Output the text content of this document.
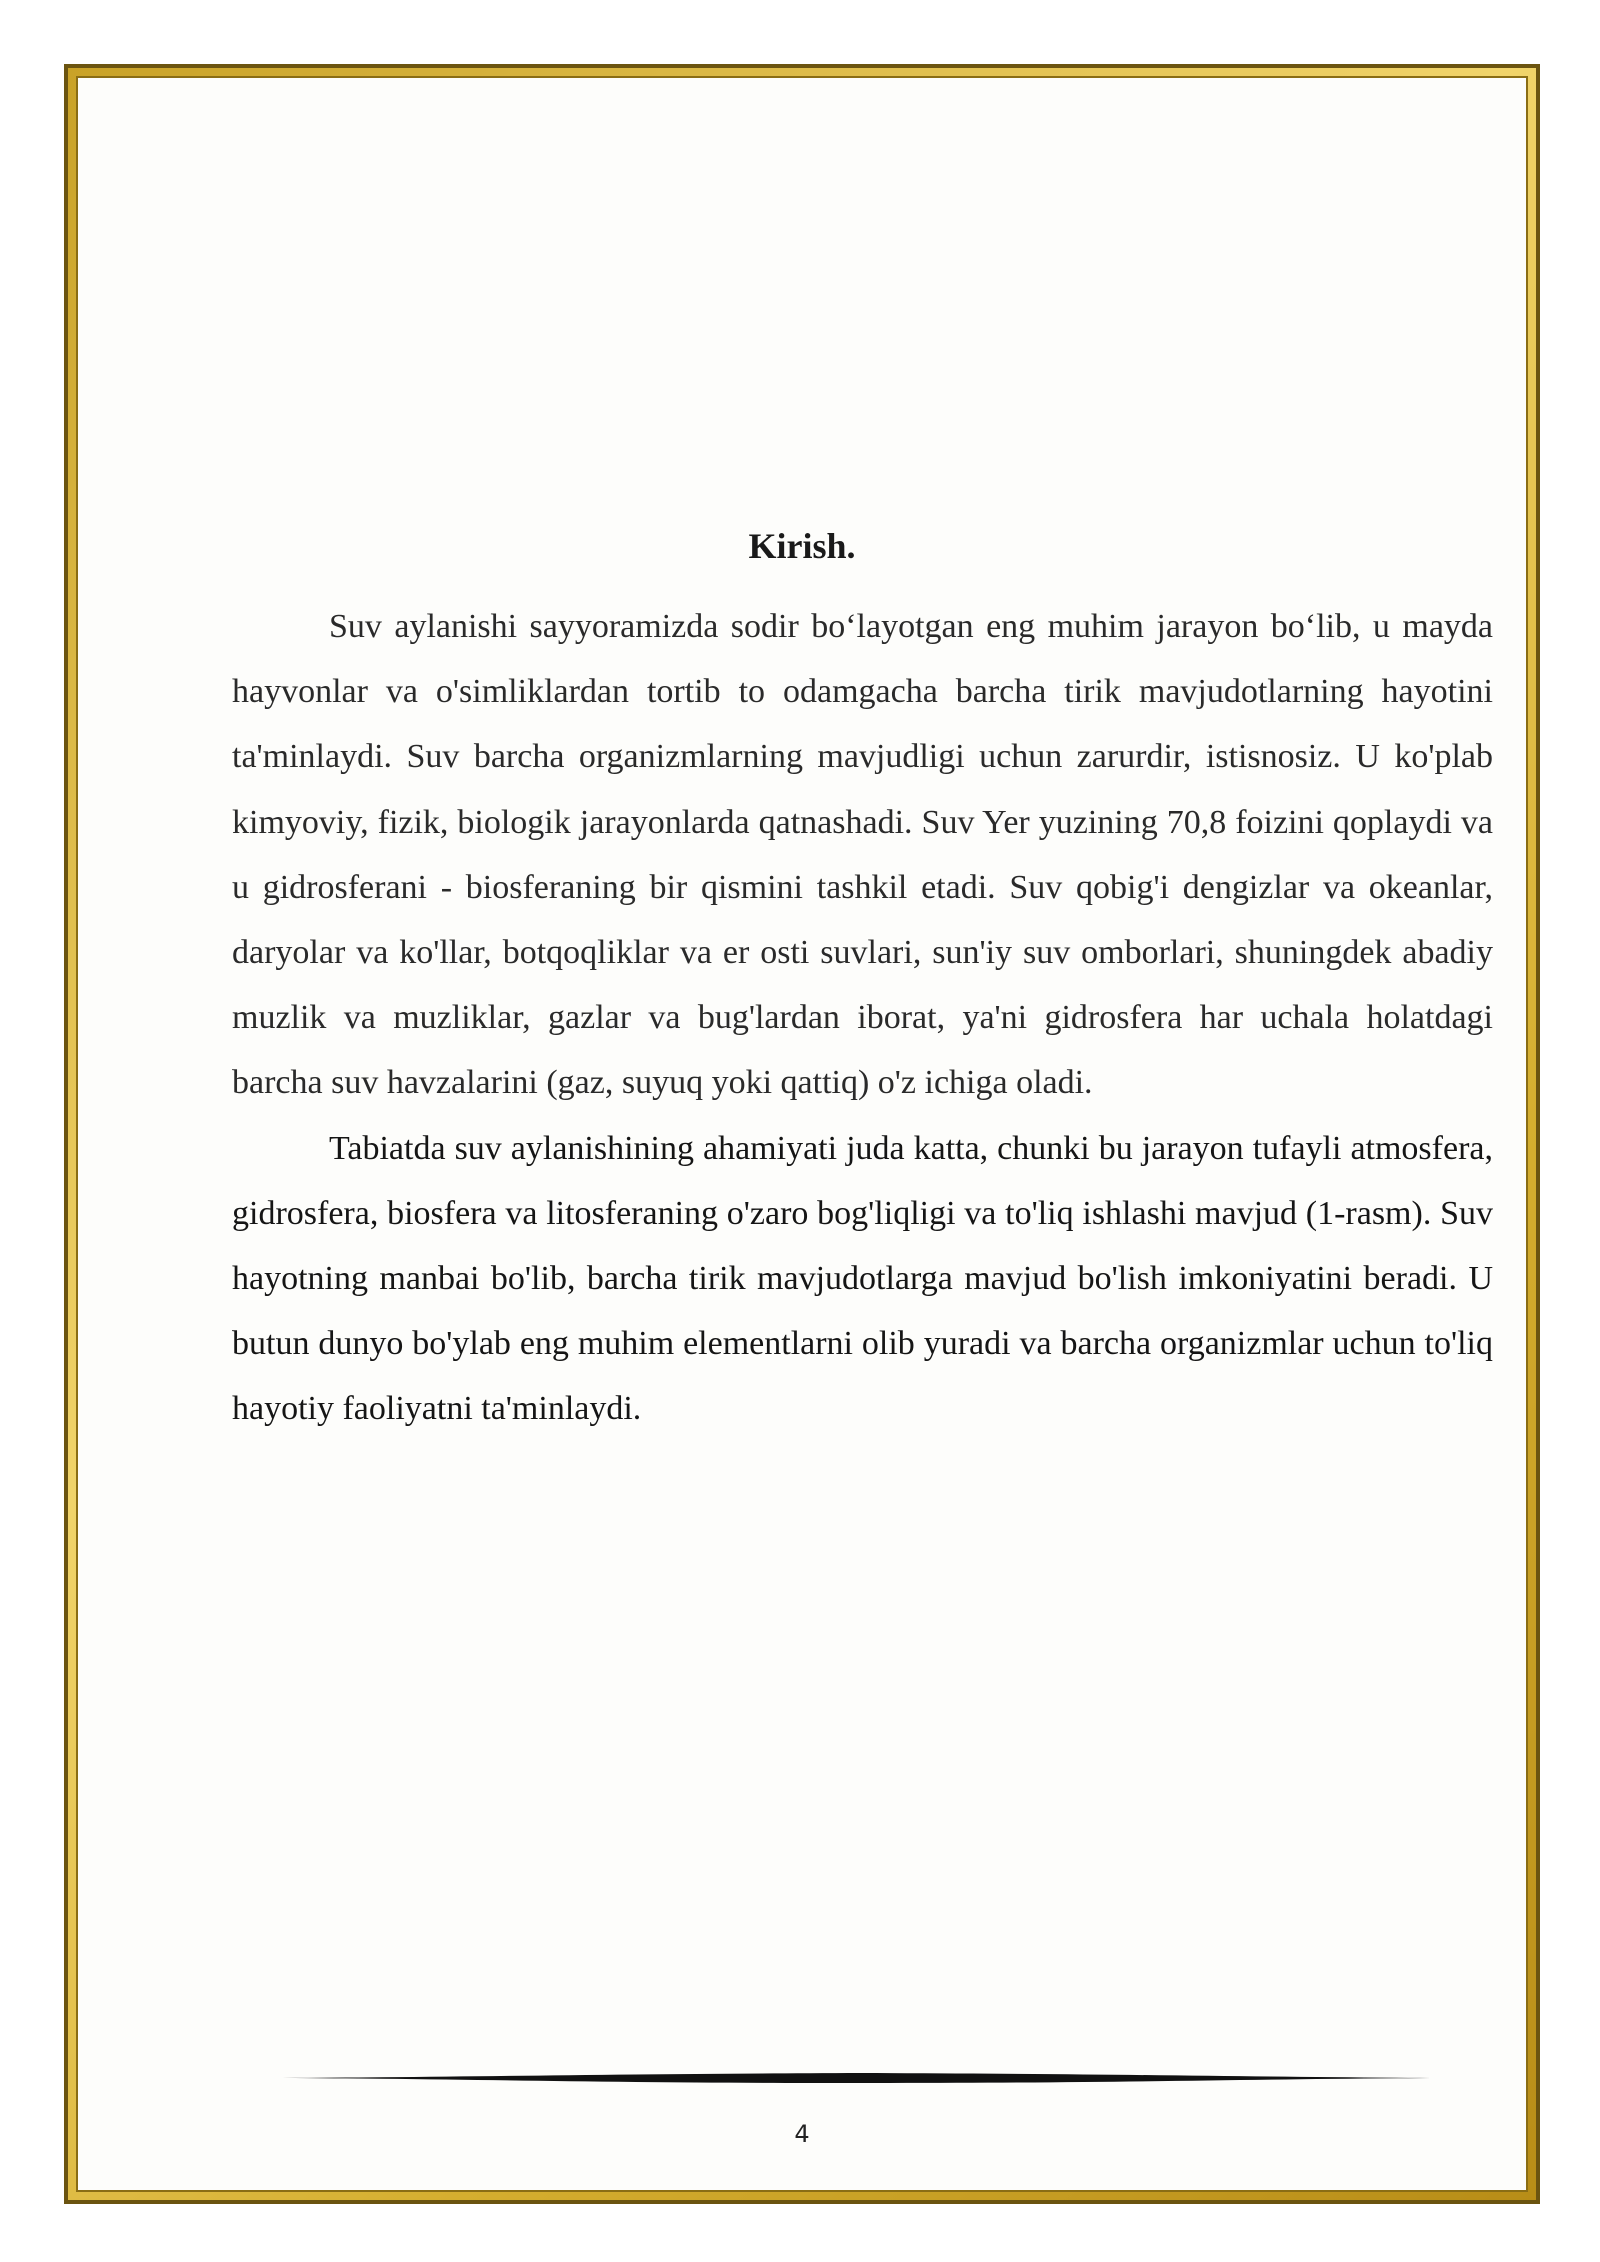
Kirish.

Suv aylanishi sayyoramizda sodir bo‘layotgan eng muhim jarayon bo‘lib, u mayda hayvonlar va o'simliklardan tortib to odamgacha barcha tirik mavjudotlarning hayotini ta'minlaydi. Suv barcha organizmlarning mavjudligi uchun zarurdir, istisnosiz. U ko'plab kimyoviy, fizik, biologik jarayonlarda qatnashadi. Suv Yer yuzining 70,8 foizini qoplaydi va u gidrosferani - biosferaning bir qismini tashkil etadi. Suv qobig'i dengizlar va okeanlar, daryolar va ko'llar, botqoqliklar va er osti suvlari, sun'iy suv omborlari, shuningdek abadiy muzlik va muzliklar, gazlar va bug'lardan iborat, ya'ni gidrosfera har uchala holatdagi barcha suv havzalarini (gaz, suyuq yoki qattiq) o'z ichiga oladi.

Tabiatda suv aylanishining ahamiyati juda katta, chunki bu jarayon tufayli atmosfera, gidrosfera, biosfera va litosferaning o'zaro bog'liqligi va to'liq ishlashi mavjud (1-rasm). Suv hayotning manbai bo'lib, barcha tirik mavjudotlarga mavjud bo'lish imkoniyatini beradi. U butun dunyo bo'ylab eng muhim elementlarni olib yuradi va barcha organizmlar uchun to'liq hayotiy faoliyatni ta'minlaydi.

4
